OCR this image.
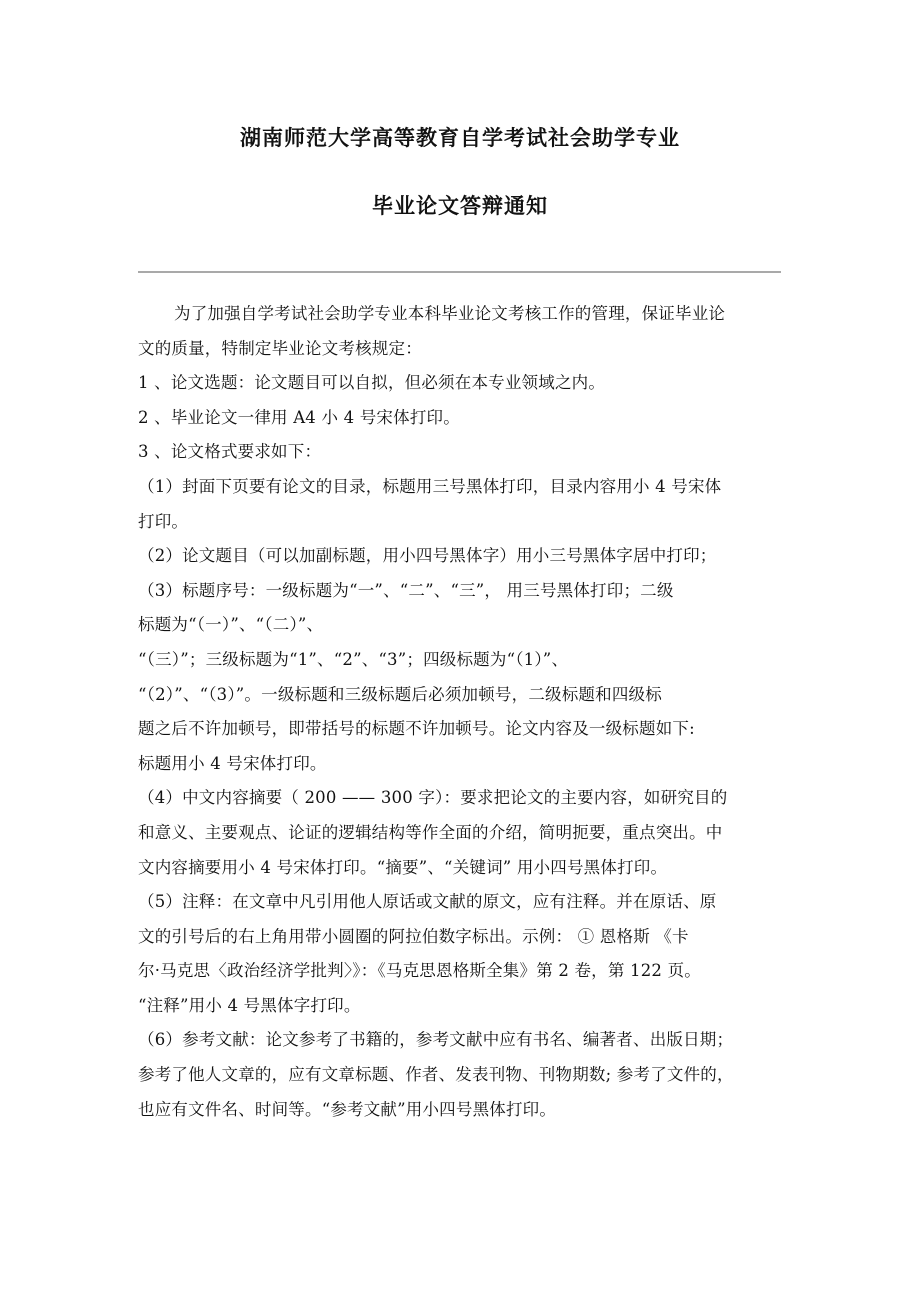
湖南师范大学高等教育自学考试社会助学专业
毕业论文答辩通知
为了加强自学考试社会助学专业本科毕业论文考核工作的管理，保证毕业论
文的质量，特制定毕业论文考核规定：
1 、论文选题：论文题目可以自拟，但必须在本专业领域之内。
2 、毕业论文一律用 A4 小 4 号宋体打印。
3 、论文格式要求如下：
（1）封面下页要有论文的目录，标题用三号黑体打印，目录内容用小 4 号宋体
打印。
（2）论文题目（可以加副标题，用小四号黑体字）用小三号黑体字居中打印；
（3）标题序号：一级标题为“一”、“二”、“三”， 用三号黑体打印；二级
标题为“（一）”、“（二）”、
“（三）”；三级标题为“1”、“2”、“3”；四级标题为“（1）”、
“（2）”、“（3）”。一级标题和三级标题后必须加顿号，二级标题和四级标
题之后不许加顿号，即带括号的标题不许加顿号。论文内容及一级标题如下:
标题用小 4 号宋体打印。
（4）中文内容摘要（ 200 —— 300 字）：要求把论文的主要内容，如研究目的
和意义、主要观点、论证的逻辑结构等作全面的介绍，简明扼要，重点突出。中
文内容摘要用小 4 号宋体打印。“摘要”、“关键词” 用小四号黑体打印。
（5）注释：在文章中凡引用他人原话或文献的原文，应有注释。并在原话、原
文的引号后的右上角用带小圆圈的阿拉伯数字标出。示例： ① 恩格斯 《卡
尔·马克思〈政治经济学批判〉》：《马克思恩格斯全集》第 2 卷，第 122 页。
“注释”用小 4 号黑体字打印。
（6）参考文献：论文参考了书籍的，参考文献中应有书名、编著者、出版日期；
参考了他人文章的，应有文章标题、作者、发表刊物、刊物期数; 参考了文件的，
也应有文件名、时间等。“参考文献”用小四号黑体打印。
